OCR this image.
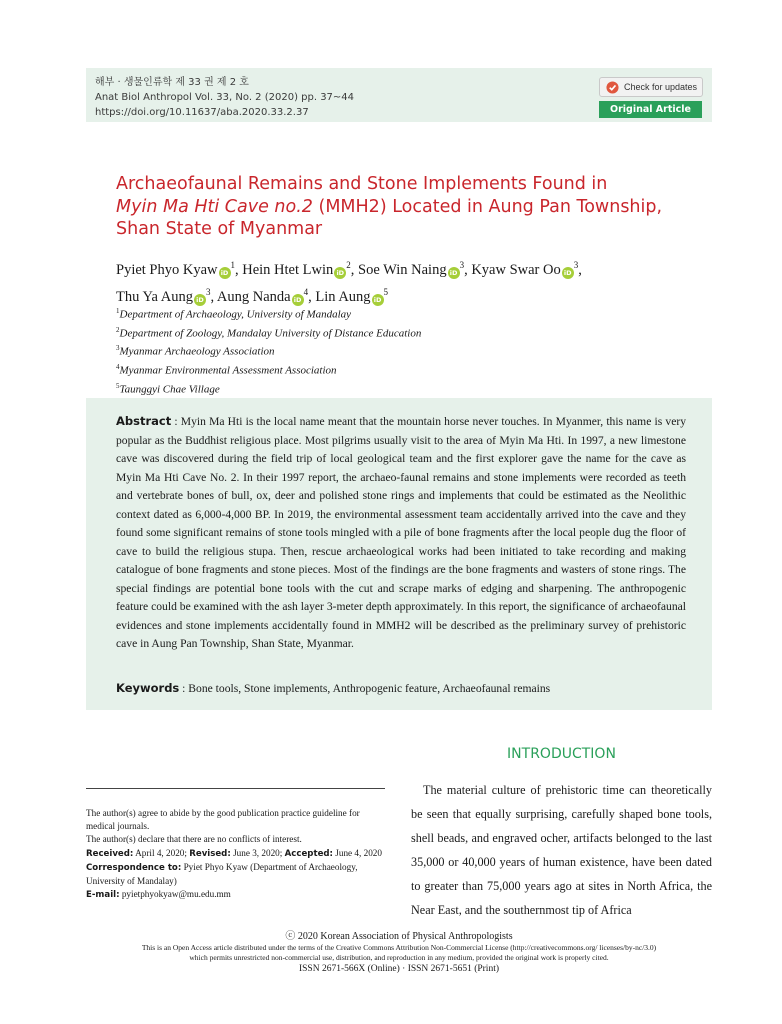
해부 · 생물인류학 제 33 권 제 2 호
Anat Biol Anthropol Vol. 33, No. 2 (2020) pp. 37~44
https://doi.org/10.11637/aba.2020.33.2.37
Check for updates
Original Article
Archaeofaunal Remains and Stone Implements Found in
Myin Ma Hti Cave no.2 (MMH2) Located in Aung Pan Township,
Shan State of Myanmar
Pyiet Phyo Kyaw $iD^1$, Hein Htet Lwin $iD^2$, Soe Win Naing $iD^3$, Kyaw Swar Oo $iD^3$,
Thu Ya Aung $iD^3$, Aung Nanda $iD^4$, Lin Aung $iD^5$
$^1$Department of Archaeology, University of Mandalay
$^2$Department of Zoology, Mandalay University of Distance Education
$^3$Myanmar Archaeology Association
$^4$Myanmar Environmental Assessment Association
$^5$Taunggyi Chae Village
Abstract : Myin Ma Hti is the local name meant that the mountain horse never touches. In Myanmer, this name is very popular as the Buddhist religious place. Most pilgrims usually visit to the area of Myin Ma Hti. In 1997, a new limestone cave was discovered during the field trip of local geological team and the first explorer gave the name for the cave as Myin Ma Hti Cave No. 2. In their 1997 report, the archaeo-faunal remains and stone implements were recorded as teeth and vertebrate bones of bull, ox, deer and polished stone rings and implements that could be estimated as the Neolithic context dated as 6,000-4,000 BP. In 2019, the environmental assessment team accidentally arrived into the cave and they found some significant remains of stone tools mingled with a pile of bone fragments after the local people dug the floor of cave to build the religious stupa. Then, rescue archaeological works had been initiated to take recording and making catalogue of bone fragments and stone pieces. Most of the findings are the bone fragments and wasters of stone rings. The special findings are potential bone tools with the cut and scrape marks of edging and sharpening. The anthropogenic feature could be examined with the ash layer 3-meter depth approximately. In this report, the significance of archaeofaunal evidences and stone implements accidentally found in MMH2 will be described as the preliminary survey of prehistoric cave in Aung Pan Township, Shan State, Myanmar.
Keywords : Bone tools, Stone implements, Anthropogenic feature, Archaeofaunal remains
INTRODUCTION
The material culture of prehistoric time can theoretically be seen that equally surprising, carefully shaped bone tools, shell beads, and engraved ocher, artifacts belonged to the last 35,000 or 40,000 years of human existence, have been dated to greater than 75,000 years ago at sites in North Africa, the Near East, and the southernmost tip of Africa
The author(s) agree to abide by the good publication practice guideline for medical journals.
The author(s) declare that there are no conflicts of interest.
Received: April 4, 2020; Revised: June 3, 2020; Accepted: June 4, 2020
Correspondence to: Pyiet Phyo Kyaw (Department of Archaeology, University of Mandalay)
E-mail: pyietphyokyaw@mu.edu.mm
ⓒ 2020 Korean Association of Physical Anthropologists
This is an Open Access article distributed under the terms of the Creative Commons Attribution Non-Commercial License (http://creativecommons.org/ licenses/by-nc/3.0)
which permits unrestricted non-commercial use, distribution, and reproduction in any medium, provided the original work is properly cited.
ISSN 2671-566X (Online) · ISSN 2671-5651 (Print)
